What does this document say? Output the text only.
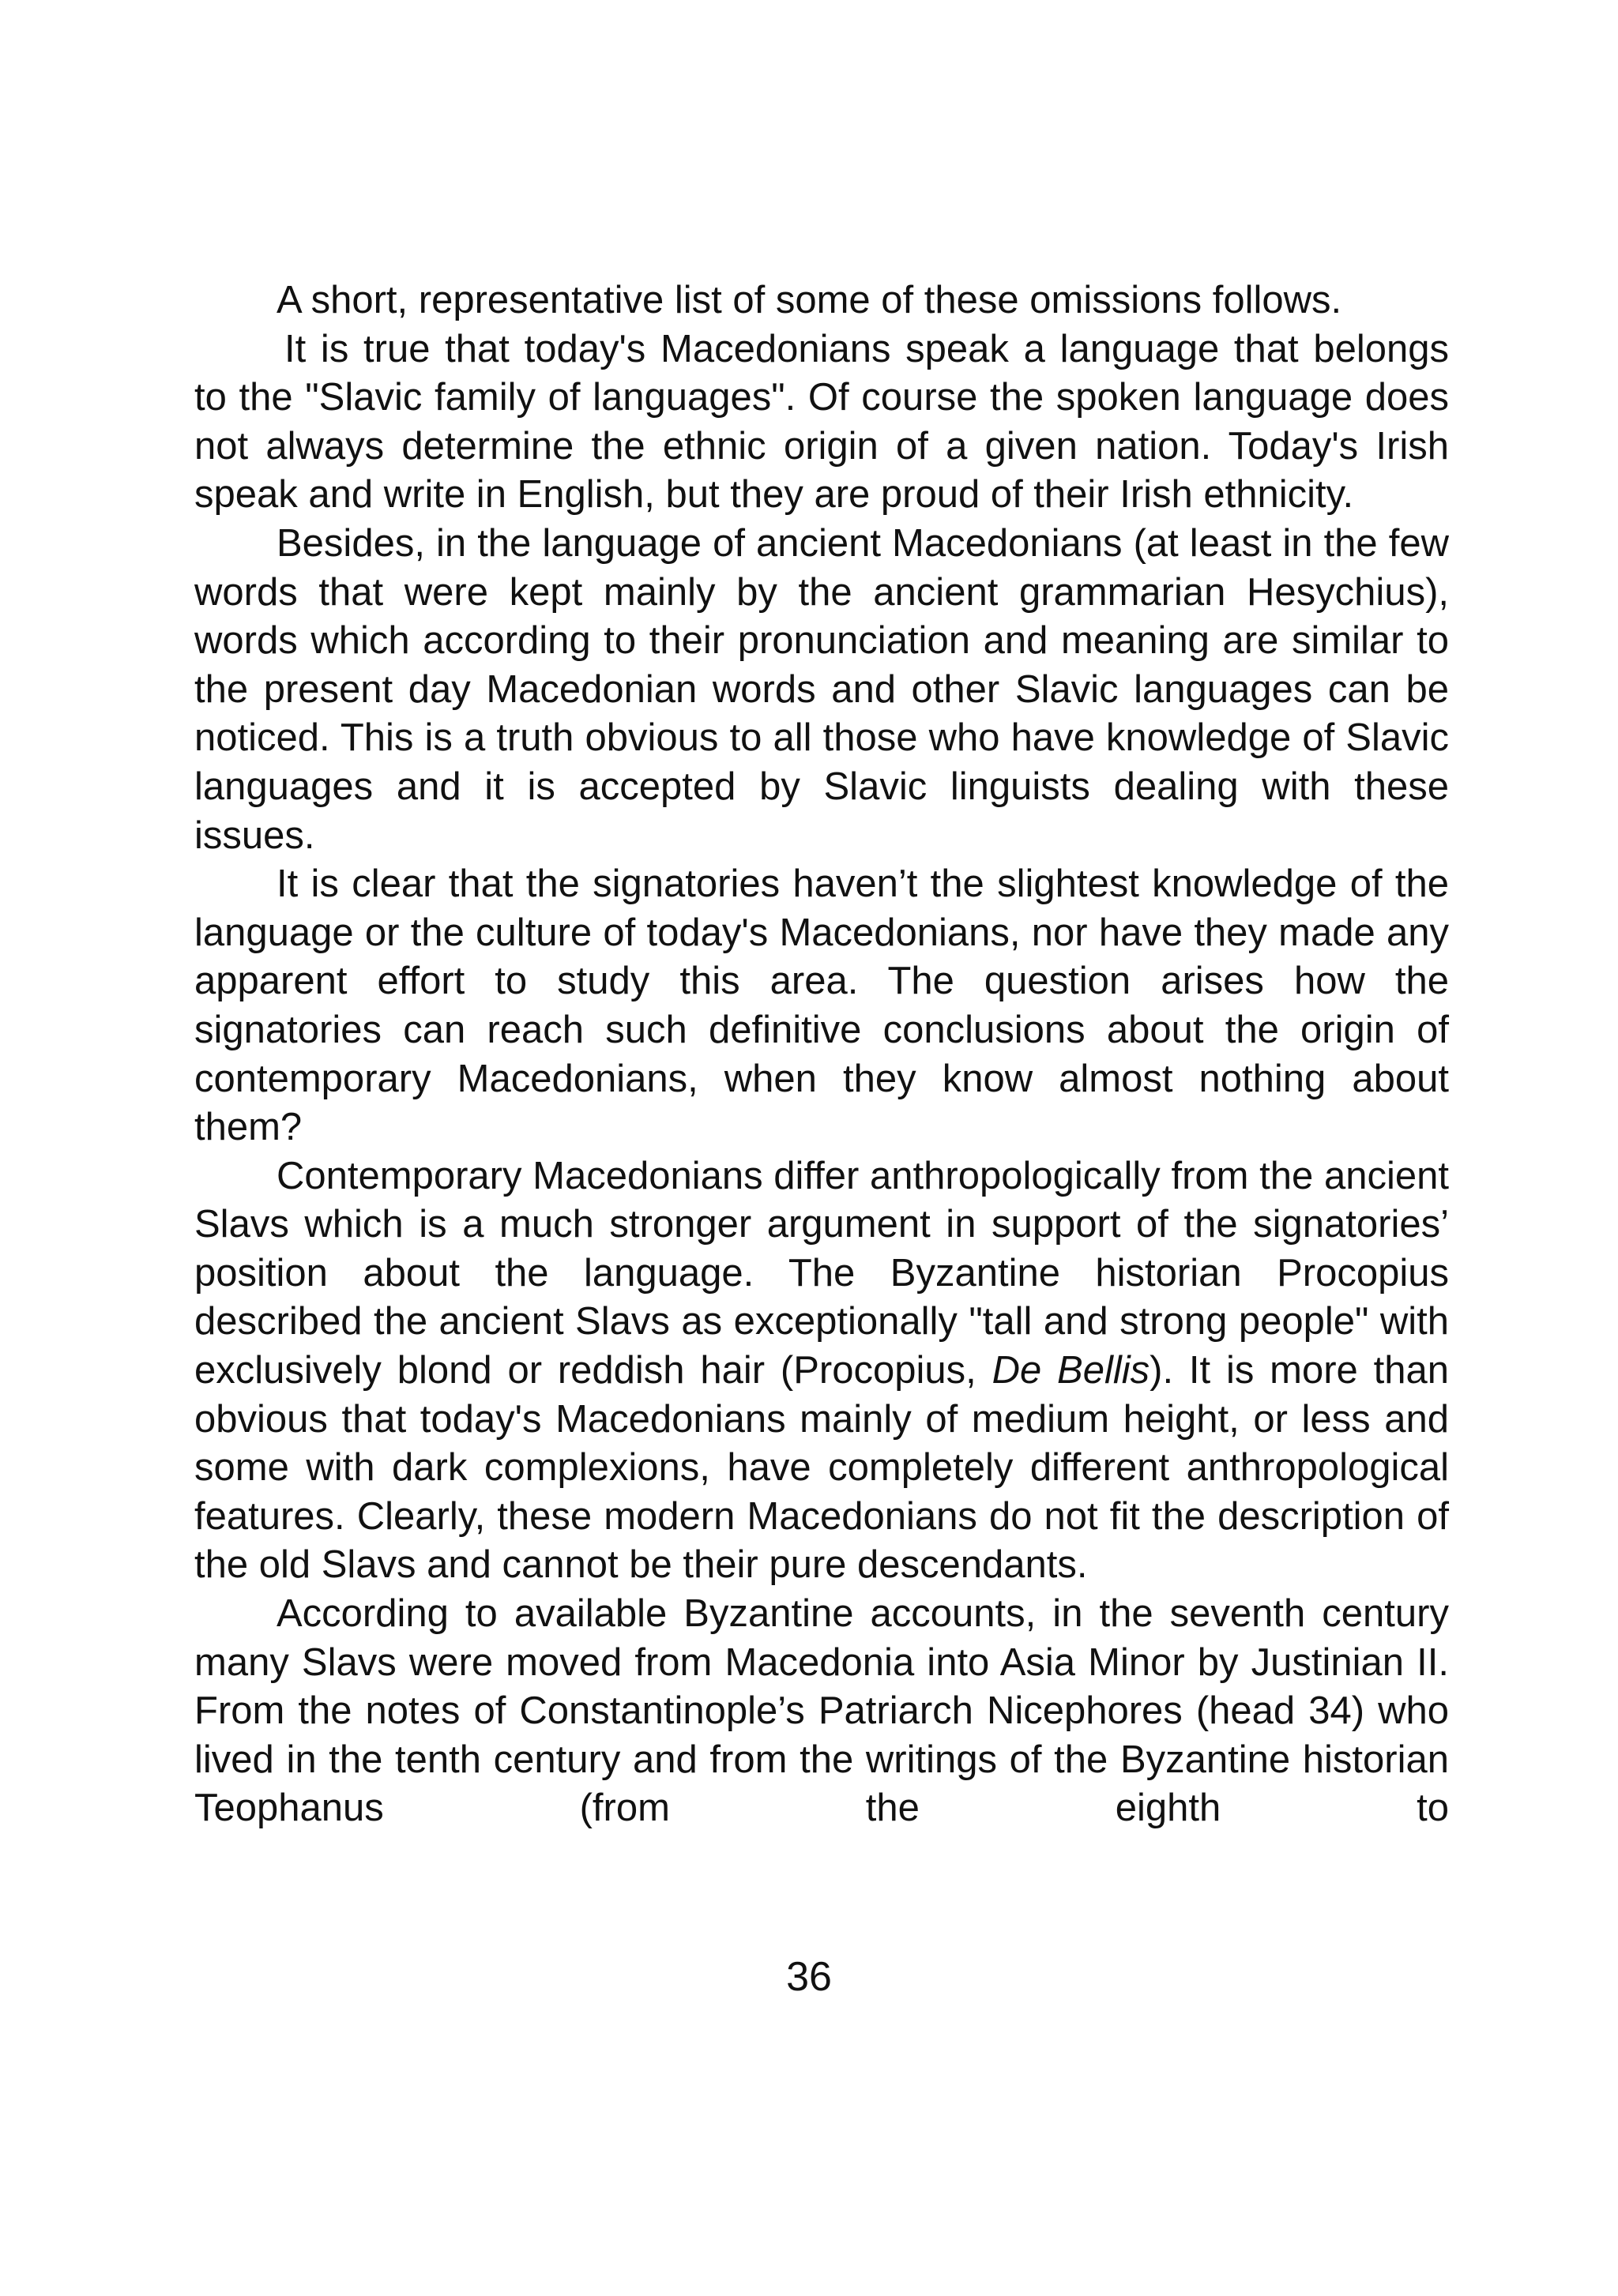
A short, representative list of some of these omissions follows.

It is true that today's Macedonians speak a language that belongs to the "Slavic family of languages". Of course the spoken language does not always determine the ethnic origin of a given nation. Today's Irish speak and write in English, but they are proud of their Irish ethnicity.

Besides, in the language of ancient Macedonians (at least in the few words that were kept mainly by the ancient grammarian Hesychius), words which according to their pronunciation and meaning are similar to the present day Macedonian words and other Slavic languages can be noticed. This is a truth obvious to all those who have knowledge of Slavic languages and it is accepted by Slavic linguists dealing with these issues.

It is clear that the signatories haven’t the slightest knowledge of the language or the culture of today's Macedonians, nor have they made any apparent effort to study this area. The question arises how the signatories can reach such definitive conclusions about the origin of contemporary Macedonians, when they know almost nothing about them?

Contemporary Macedonians differ anthropologically from the ancient Slavs which is a much stronger argument in support of the signatories’ position about the language. The Byzantine historian Procopius described the ancient Slavs as exceptionally "tall and strong people" with exclusively blond or reddish hair (Procopius, De Bellis). It is more than obvious that today's Macedonians mainly of medium height, or less and some with dark complexions, have completely different anthropological features. Clearly, these modern Macedonians do not fit the description of the old Slavs and cannot be their pure descendants.

According to available Byzantine accounts, in the seventh century many Slavs were moved from Macedonia into Asia Minor by Justinian II. From the notes of Constantinople’s Patriarch Nicephores (head 34) who lived in the tenth century and from the writings of the Byzantine historian Teophanus (from the eighth to

36
